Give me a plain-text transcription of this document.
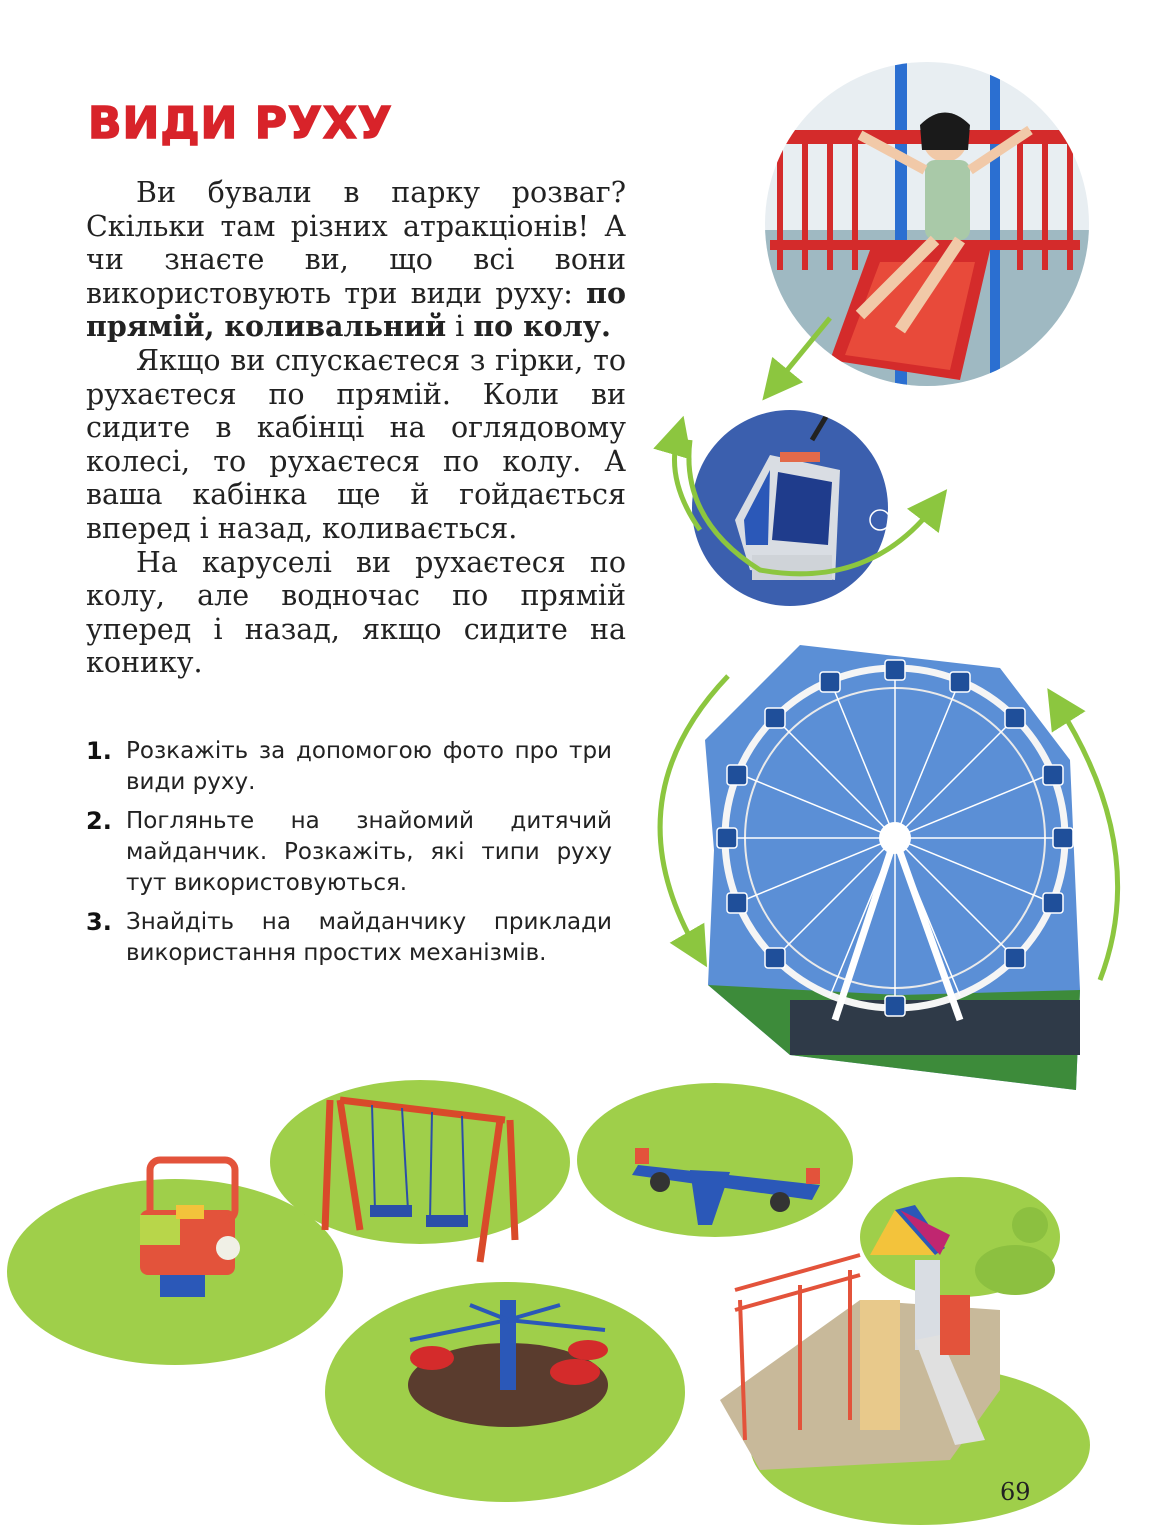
ВИДИ РУХУ

Ви бували в парку розваг? Скільки там різних атракціонів! А чи знаєте ви, що всі вони використовують три види руху: по прямій, коливальний і по колу.

Якщо ви спускаєтеся з гірки, то рухаєтеся по прямій. Коли ви сидите в кабінці на оглядовому колесі, то рухаєтеся по колу. А ваша кабінка ще й гойдається вперед і назад, коливається.

На каруселі ви рухаєтеся по колу, але водночас по прямій уперед і назад, якщо сидите на конику.

1. Розкажіть за допомогою фото про три види руху.
2. Погляньте на знайомий дитячий майданчик. Розкажіть, які типи руху тут використовуються.
3. Знайдіть на майданчику приклади використання простих механізмів.
69
